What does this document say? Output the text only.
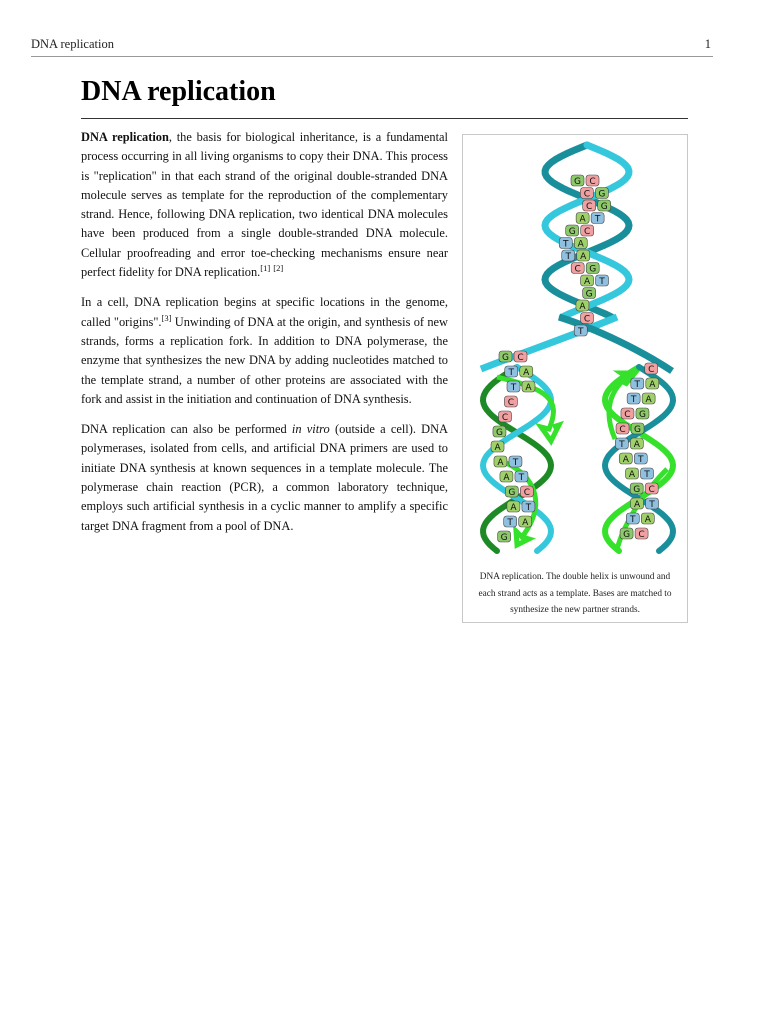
DNA replication	1
DNA replication

DNA replication, the basis for biological inheritance, is a fundamental process occurring in all living organisms to copy their DNA. This process is "replication" in that each strand of the original double-stranded DNA molecule serves as template for the reproduction of the complementary strand. Hence, following DNA replication, two identical DNA molecules have been produced from a single double-stranded DNA molecule. Cellular proofreading and error toe-checking mechanisms ensure near perfect fidelity for DNA replication.[1] [2]

In a cell, DNA replication begins at specific locations in the genome, called "origins".[3] Unwinding of DNA at the origin, and synthesis of new strands, forms a replication fork. In addition to DNA polymerase, the enzyme that synthesizes the new DNA by adding nucleotides matched to the template strand, a number of other proteins are associated with the fork and assist in the initiation and continuation of DNA synthesis.

DNA replication can also be performed in vitro (outside a cell). DNA polymerases, isolated from cells, and artificial DNA primers are used to initiate DNA synthesis at known sequences in a template molecule. The polymerase chain reaction (PCR), a common laboratory technique, employs such artificial synthesis in a cyclic manner to amplify a specific target DNA fragment from a pool of DNA.

G C
C G
C G
A T
G C
T A
T A
C G
A T
G
A
C
T
G C
T A
T A
C
C
G
A
A T
A T
G C
A T
T A
G
C
T A
T A
C G
C G
T A
A T
A T
G C
A T
T A
G C
DNA replication. The double helix is unwound and each strand acts as a template. Bases are matched to synthesize the new partner strands.
